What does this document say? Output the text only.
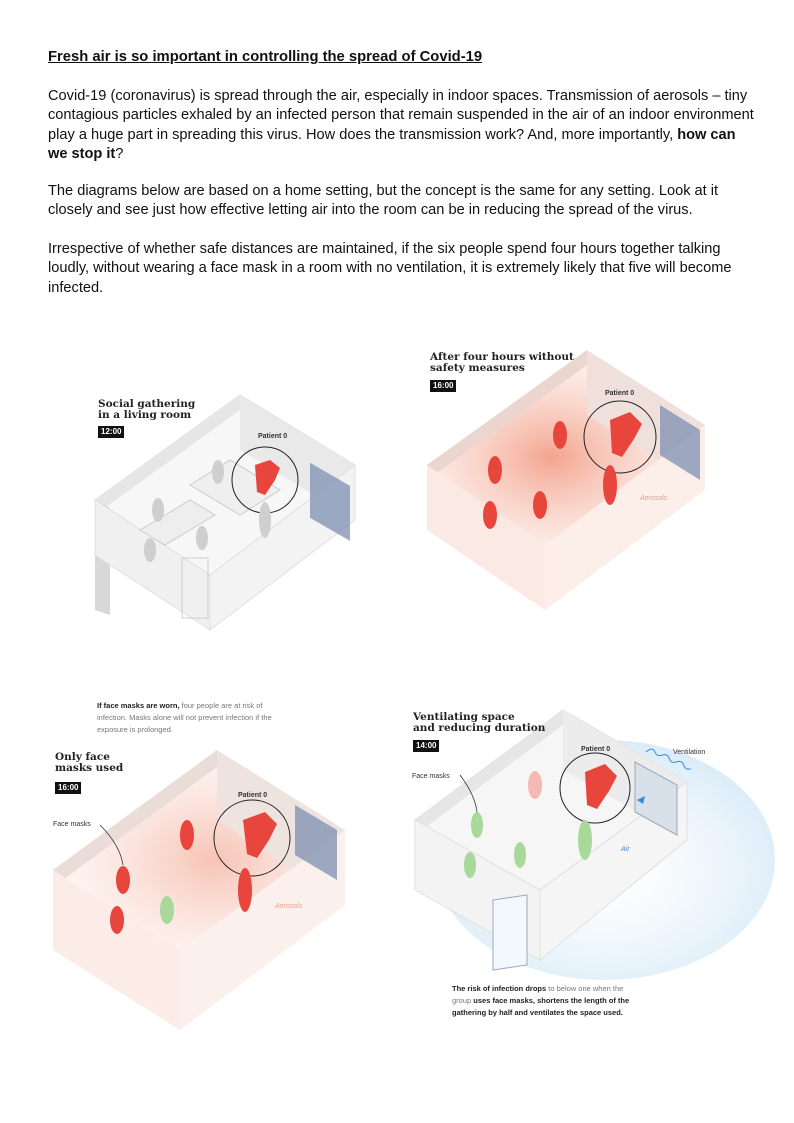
Fresh air is so important in controlling the spread of Covid-19
Covid-19 (coronavirus) is spread through the air, especially in indoor spaces. Transmission of aerosols – tiny contagious particles exhaled by an infected person that remain suspended in the air of an indoor environment play a huge part in spreading this virus. How does the transmission work? And, more importantly, how can we stop it?
The diagrams below are based on a home setting, but the concept is the same for any setting. Look at it closely and see just how effective letting air into the room can be in reducing the spread of the virus.
Irrespective of whether safe distances are maintained, if the six people spend four hours together talking loudly, without wearing a face mask in a room with no ventilation, it is extremely likely that five will become infected.
Social gathering
in a living room
12:00
Patient 0
After four hours without
safety measures
16:00
Patient 0
Aerosols
If face masks are worn, four people are at risk of
infection. Masks alone will not prevent infection if the
exposure is prolonged.
Only face
masks used
16:00
Patient 0
Face masks
Aerosols
Ventilating space
and reducing duration
14:00	Patient 0	Ventilation
Face masks
Air
The risk of infection drops to below one when the
group uses face masks, shortens the length of the
gathering by half and ventilates the space used.
